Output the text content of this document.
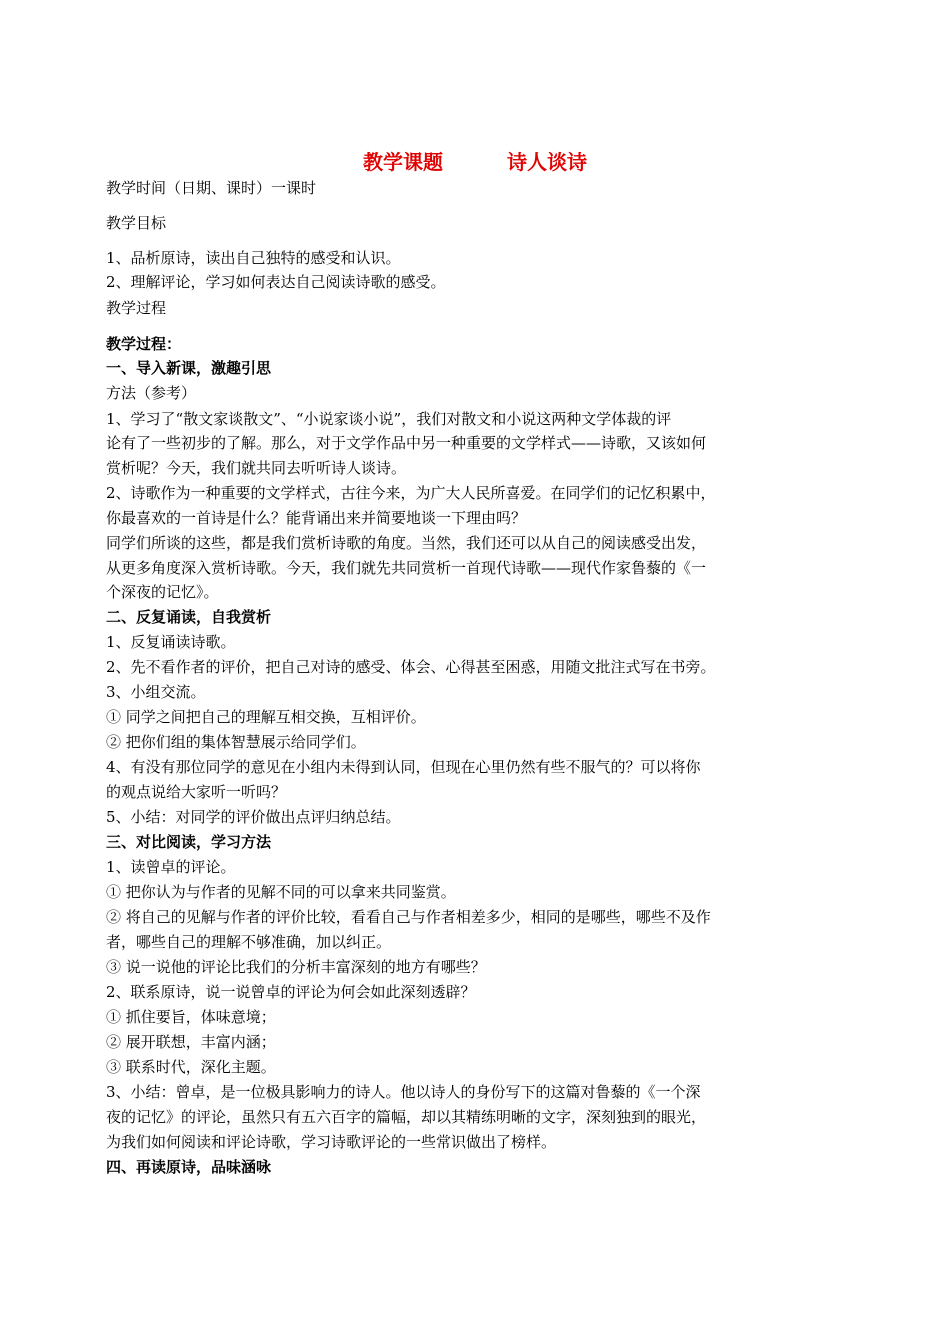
教学课题	诗人谈诗
教学时间（日期、课时）一课时
教学目标
1、品析原诗，读出自己独特的感受和认识。
2、理解评论，学习如何表达自己阅读诗歌的感受。
教学过程
教学过程：
一、导入新课，激趣引思
方法（参考）
1、学习了“散文家谈散文”、“小说家谈小说”，我们对散文和小说这两种文学体裁的评
论有了一些初步的了解。那么，对于文学作品中另一种重要的文学样式——诗歌，又该如何
赏析呢？今天，我们就共同去听听诗人谈诗。
2、诗歌作为一种重要的文学样式，古往今来，为广大人民所喜爱。在同学们的记忆积累中，
你最喜欢的一首诗是什么？能背诵出来并简要地谈一下理由吗？
同学们所谈的这些，都是我们赏析诗歌的角度。当然，我们还可以从自己的阅读感受出发，
从更多角度深入赏析诗歌。今天，我们就先共同赏析一首现代诗歌——现代作家鲁藜的《一
个深夜的记忆》。
二、反复诵读，自我赏析
1、反复诵读诗歌。
2、先不看作者的评价，把自己对诗的感受、体会、心得甚至困惑，用随文批注式写在书旁。
3、小组交流。
① 同学之间把自己的理解互相交换，互相评价。
② 把你们组的集体智慧展示给同学们。
4、有没有那位同学的意见在小组内未得到认同，但现在心里仍然有些不服气的？可以将你
的观点说给大家听一听吗？
5、小结：对同学的评价做出点评归纳总结。
三、对比阅读，学习方法
1、读曾卓的评论。
① 把你认为与作者的见解不同的可以拿来共同鉴赏。
② 将自己的见解与作者的评价比较，看看自己与作者相差多少，相同的是哪些，哪些不及作
者，哪些自己的理解不够准确，加以纠正。
③ 说一说他的评论比我们的分析丰富深刻的地方有哪些？
2、联系原诗，说一说曾卓的评论为何会如此深刻透辟？
① 抓住要旨，体味意境；
② 展开联想，丰富内涵；
③ 联系时代，深化主题。
3、小结：曾卓，是一位极具影响力的诗人。他以诗人的身份写下的这篇对鲁藜的《一个深
夜的记忆》的评论，虽然只有五六百字的篇幅，却以其精练明晰的文字，深刻独到的眼光，
为我们如何阅读和评论诗歌，学习诗歌评论的一些常识做出了榜样。
四、再读原诗，品味涵咏
